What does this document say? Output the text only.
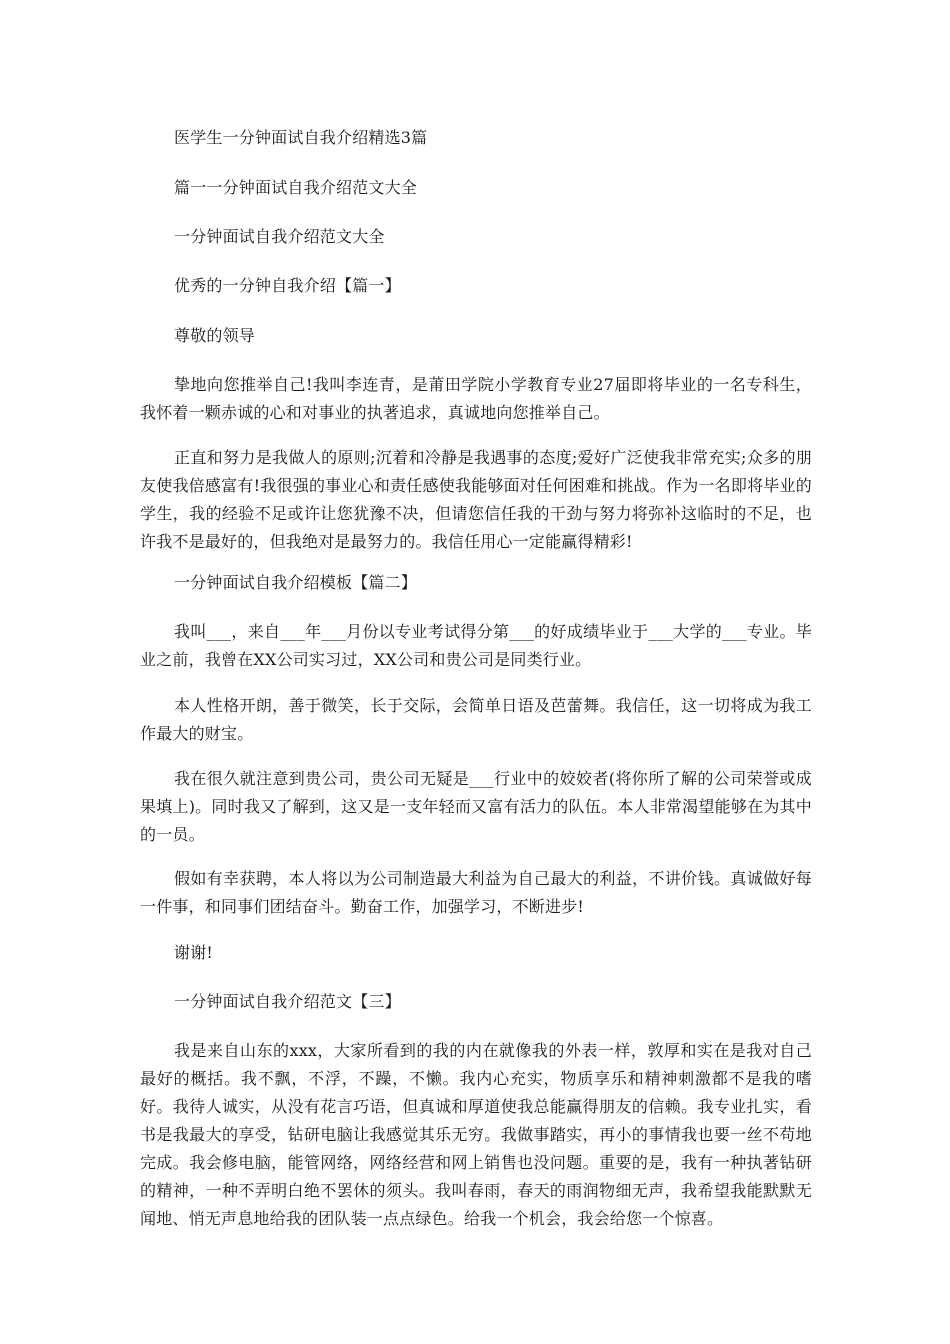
医学生一分钟面试自我介绍精选3篇
篇一一分钟面试自我介绍范文大全
一分钟面试自我介绍范文大全
优秀的一分钟自我介绍【篇一】
尊敬的领导
挚地向您推举自己!我叫李连青，是莆田学院小学教育专业27届即将毕业的一名专科生，我怀着一颗赤诚的心和对事业的执著追求，真诚地向您推举自己。
正直和努力是我做人的原则;沉着和冷静是我遇事的态度;爱好广泛使我非常充实;众多的朋友使我倍感富有!我很强的事业心和责任感使我能够面对任何困难和挑战。作为一名即将毕业的学生，我的经验不足或许让您犹豫不决，但请您信任我的干劲与努力将弥补这临时的不足，也许我不是最好的，但我绝对是最努力的。我信任用心一定能赢得精彩!
一分钟面试自我介绍模板【篇二】
我叫___，来自___年___月份以专业考试得分第___的好成绩毕业于___大学的___专业。毕业之前，我曾在XX公司实习过，XX公司和贵公司是同类行业。
本人性格开朗，善于微笑，长于交际，会简单日语及芭蕾舞。我信任，这一切将成为我工作最大的财宝。
我在很久就注意到贵公司，贵公司无疑是___行业中的姣姣者(将你所了解的公司荣誉或成果填上)。同时我又了解到，这又是一支年轻而又富有活力的队伍。本人非常渴望能够在为其中的一员。
假如有幸获聘，本人将以为公司制造最大利益为自己最大的利益，不讲价钱。真诚做好每一件事，和同事们团结奋斗。勤奋工作，加强学习，不断进步!
谢谢!
一分钟面试自我介绍范文【三】
我是来自山东的xxx，大家所看到的我的内在就像我的外表一样，敦厚和实在是我对自己最好的概括。我不飘，不浮，不躁，不懒。我内心充实，物质享乐和精神刺激都不是我的嗜好。我待人诚实，从没有花言巧语，但真诚和厚道使我总能赢得朋友的信赖。我专业扎实，看书是我最大的享受，钻研电脑让我感觉其乐无穷。我做事踏实，再小的事情我也要一丝不苟地完成。我会修电脑，能管网络，网络经营和网上销售也没问题。重要的是，我有一种执著钻研的精神，一种不弄明白绝不罢休的须头。我叫春雨，春天的雨润物细无声，我希望我能默默无闻地、悄无声息地给我的团队装一点点绿色。给我一个机会，我会给您一个惊喜。
